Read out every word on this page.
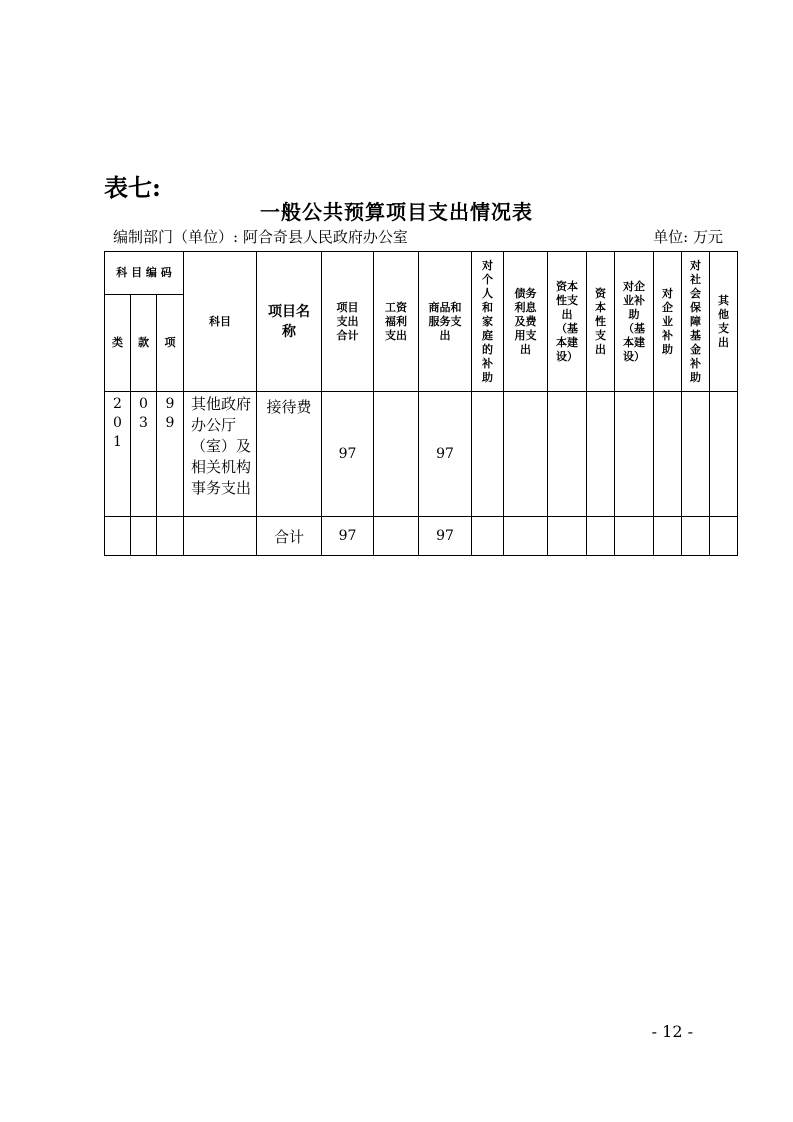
表七:
一般公共预算项目支出情况表
编制部门（单位）: 阿合奇县人民政府办公室	单位: 万元
科 目 编 码			科目	项目名称	项目支出合计	工资福利支出	商品和服务支出	对个人和家庭的补助	债务利息及费用支出	资本性支出（基本建设）	资本性支出	对企业补助（基本建设）	对企业补助	对社会保障基金补助	其他支出
类	款	项													
201	03	99	其他政府办公厅（室）及相关机构事务支出	接待费	97		97								
				合计	97		97								
- 12 -
